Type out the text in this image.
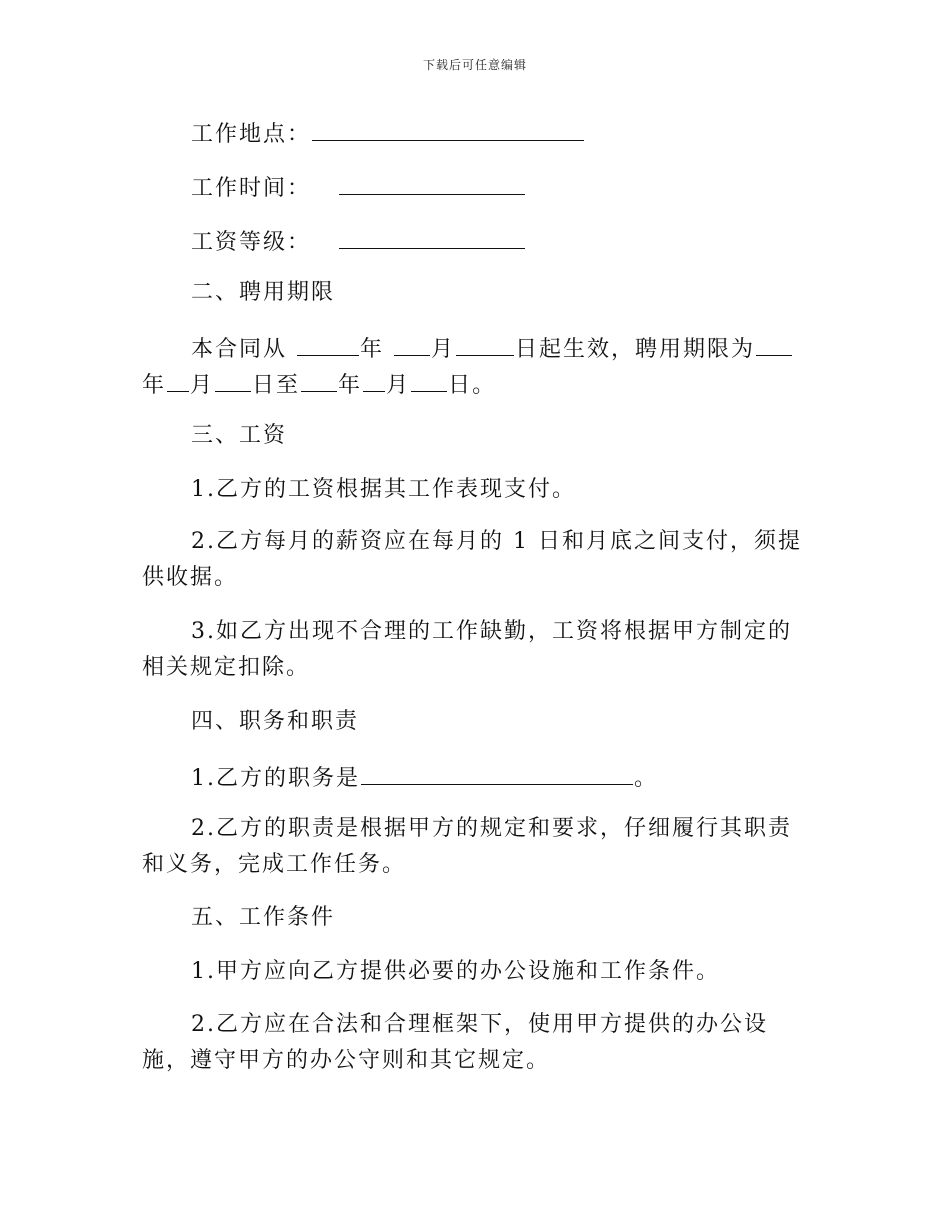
下载后可任意编辑
工作地点：
工作时间：
工资等级：
二、聘用期限
本合同从	年 月	日起生效，聘用期限为
年 月 日至 年 月 日。
三、工资
1.乙方的工资根据其工作表现支付。
2.乙方每月的薪资应在每月的 1 日和月底之间支付，须提
供收据。
3.如乙方出现不合理的工作缺勤，工资将根据甲方制定的
相关规定扣除。
四、职务和职责
1.乙方的职务是	。
2.乙方的职责是根据甲方的规定和要求，仔细履行其职责
和义务，完成工作任务。
五、工作条件
1.甲方应向乙方提供必要的办公设施和工作条件。
2.乙方应在合法和合理框架下，使用甲方提供的办公设
施，遵守甲方的办公守则和其它规定。
